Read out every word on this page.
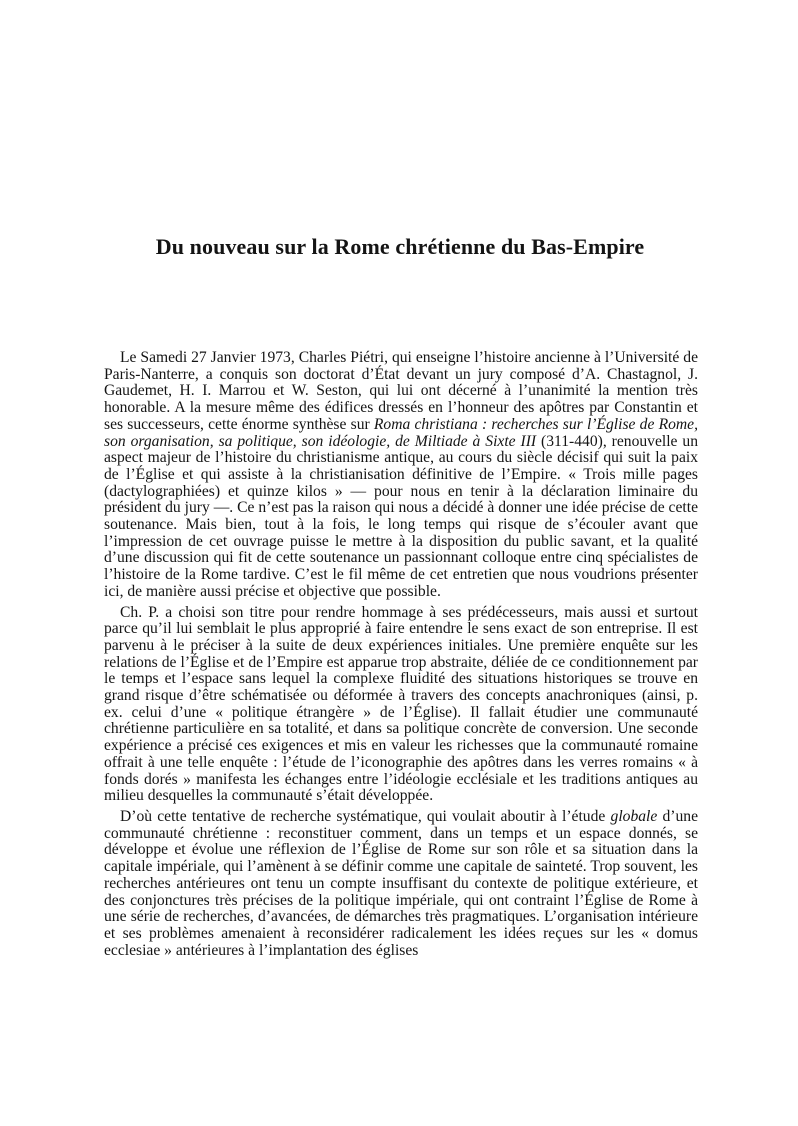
Du nouveau sur la Rome chrétienne du Bas-Empire

Le Samedi 27 Janvier 1973, Charles Piétri, qui enseigne l’histoire ancienne à l’Université de Paris-Nanterre, a conquis son doctorat d’État devant un jury composé d’A. Chastagnol, J. Gaudemet, H. I. Marrou et W. Seston, qui lui ont décerné à l’unanimité la mention très honorable. A la mesure même des édifices dressés en l’honneur des apôtres par Constantin et ses successeurs, cette énorme synthèse sur Roma christiana : recherches sur l’Église de Rome, son organisation, sa politique, son idéologie, de Miltiade à Sixte III (311-440), renouvelle un aspect majeur de l’histoire du christianisme antique, au cours du siècle décisif qui suit la paix de l’Église et qui assiste à la christianisation définitive de l’Empire. « Trois mille pages (dactylographiées) et quinze kilos » — pour nous en tenir à la déclaration liminaire du président du jury —. Ce n’est pas la raison qui nous a décidé à donner une idée précise de cette soutenance. Mais bien, tout à la fois, le long temps qui risque de s’écouler avant que l’impression de cet ouvrage puisse le mettre à la disposition du public savant, et la qualité d’une discussion qui fit de cette soutenance un passionnant colloque entre cinq spécialistes de l’histoire de la Rome tardive. C’est le fil même de cet entretien que nous voudrions présenter ici, de manière aussi précise et objective que possible.

Ch. P. a choisi son titre pour rendre hommage à ses prédécesseurs, mais aussi et surtout parce qu’il lui semblait le plus approprié à faire entendre le sens exact de son entreprise. Il est parvenu à le préciser à la suite de deux expériences initiales. Une première enquête sur les relations de l’Église et de l’Empire est apparue trop abstraite, déliée de ce conditionnement par le temps et l’espace sans lequel la complexe fluidité des situations historiques se trouve en grand risque d’être schématisée ou déformée à travers des concepts anachroniques (ainsi, p. ex. celui d’une « politique étrangère » de l’Église). Il fallait étudier une communauté chrétienne particulière en sa totalité, et dans sa politique concrète de conversion. Une seconde expérience a précisé ces exigences et mis en valeur les richesses que la communauté romaine offrait à une telle enquête : l’étude de l’iconographie des apôtres dans les verres romains « à fonds dorés » manifesta les échanges entre l’idéologie ecclésiale et les traditions antiques au milieu desquelles la communauté s’était développée.

D’où cette tentative de recherche systématique, qui voulait aboutir à l’étude globale d’une communauté chrétienne : reconstituer comment, dans un temps et un espace donnés, se développe et évolue une réflexion de l’Église de Rome sur son rôle et sa situation dans la capitale impériale, qui l’amènent à se définir comme une capitale de sainteté. Trop souvent, les recherches antérieures ont tenu un compte insuffisant du contexte de politique extérieure, et des conjonctures très précises de la politique impériale, qui ont contraint l’Église de Rome à une série de recherches, d’avancées, de démarches très pragmatiques. L’organisation intérieure et ses problèmes amenaient à reconsidérer radicalement les idées reçues sur les « domus ecclesiae » antérieures à l’implantation des églises
